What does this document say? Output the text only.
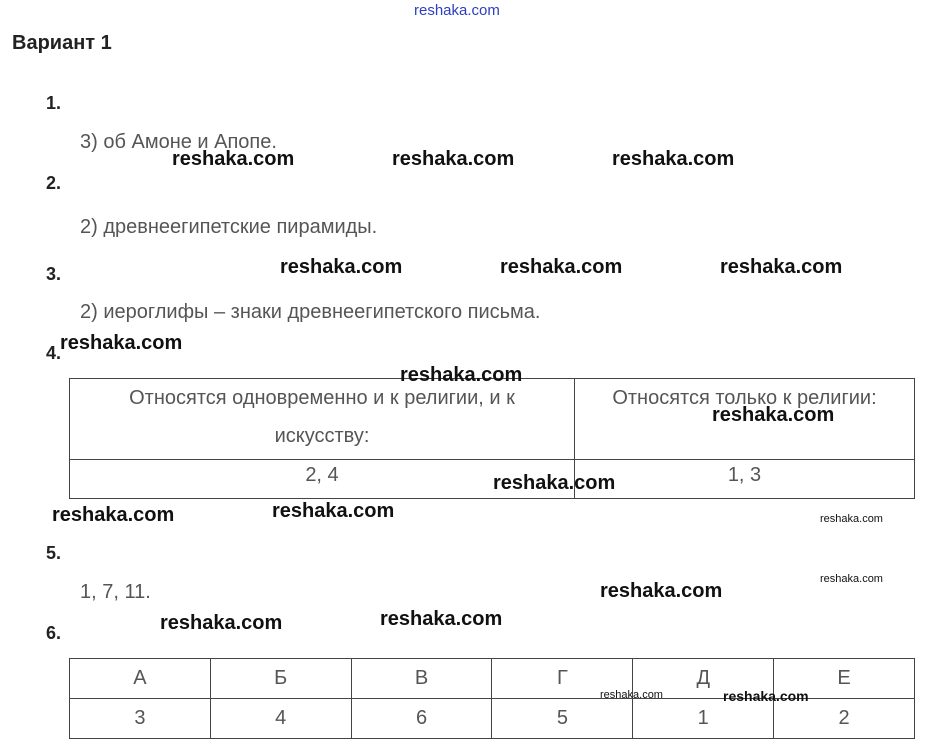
reshaka.com
Вариант 1
1.
2.
3.
4.
5.
6.
3) об Амоне и Апопе.
2) древнеегипетские пирамиды.
2) иероглифы – знаки древнеегипетского письма.
1, 7, 11.
Относятся одновременно и к религии, и к искусству:	Относятся только к религии:
2, 4	1, 3
А	Б	В	Г	Д	Е
3	4	6	5	1	2
reshaka.com	reshaka.com	reshaka.com
reshaka.com	reshaka.com	reshaka.com
reshaka.com
reshaka.com
reshaka.com
reshaka.com
reshaka.com	reshaka.com	reshaka.com
reshaka.com
reshaka.com
reshaka.com	reshaka.com
reshaka.com	reshaka.com
